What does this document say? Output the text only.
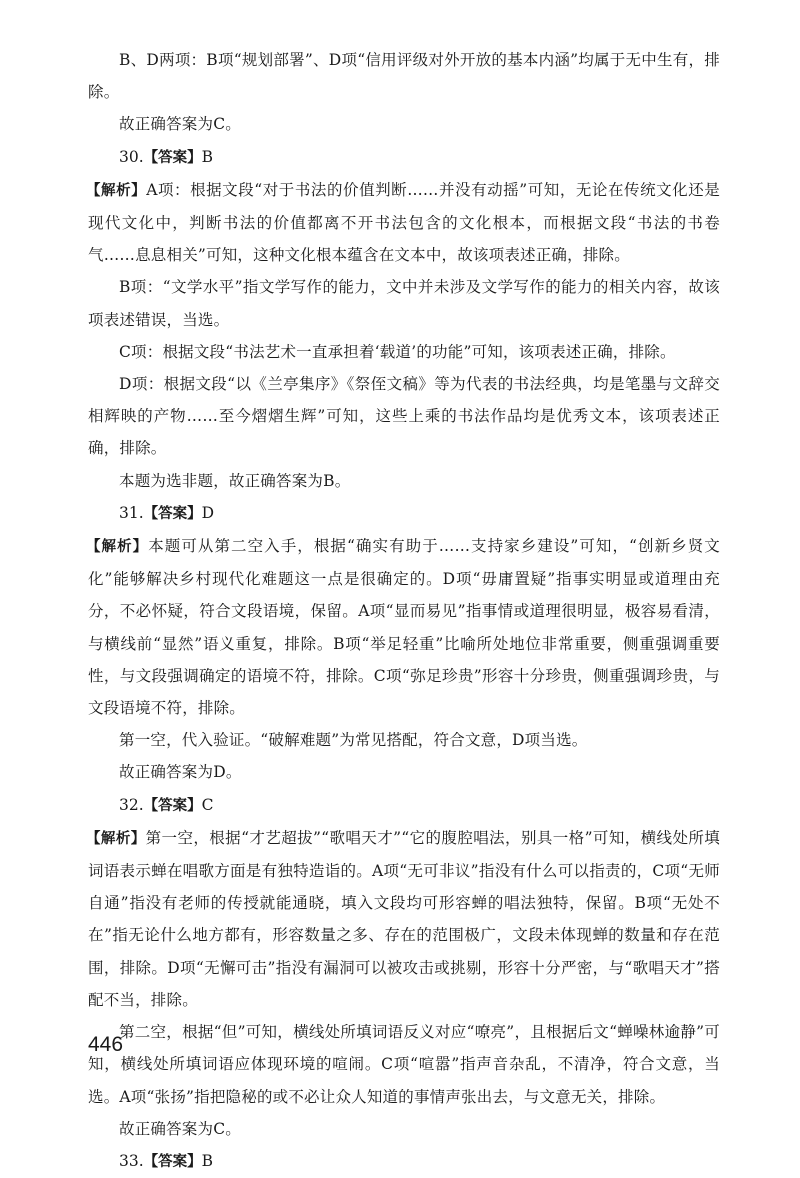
B、D两项：B项“规划部署”、D项“信用评级对外开放的基本内涵”均属于无中生有，排除。

故正确答案为C。

30.【答案】B

【解析】A项：根据文段“对于书法的价值判断……并没有动摇”可知，无论在传统文化还是现代文化中，判断书法的价值都离不开书法包含的文化根本，而根据文段“书法的书卷气……息息相关”可知，这种文化根本蕴含在文本中，故该项表述正确，排除。

B项：“文学水平”指文学写作的能力，文中并未涉及文学写作的能力的相关内容，故该项表述错误，当选。

C项：根据文段“书法艺术一直承担着‘载道’的功能”可知，该项表述正确，排除。

D项：根据文段“以《兰亭集序》《祭侄文稿》等为代表的书法经典，均是笔墨与文辞交相辉映的产物……至今熠熠生辉”可知，这些上乘的书法作品均是优秀文本，该项表述正确，排除。

本题为选非题，故正确答案为B。

31.【答案】D

【解析】本题可从第二空入手，根据“确实有助于……支持家乡建设”可知，“创新乡贤文化”能够解决乡村现代化难题这一点是很确定的。D项“毋庸置疑”指事实明显或道理由充分，不必怀疑，符合文段语境，保留。A项“显而易见”指事情或道理很明显，极容易看清，与横线前“显然”语义重复，排除。B项“举足轻重”比喻所处地位非常重要，侧重强调重要性，与文段强调确定的语境不符，排除。C项“弥足珍贵”形容十分珍贵，侧重强调珍贵，与文段语境不符，排除。

第一空，代入验证。“破解难题”为常见搭配，符合文意，D项当选。

故正确答案为D。

32.【答案】C

【解析】第一空，根据“才艺超拔”“歌唱天才”“它的腹腔唱法，别具一格”可知，横线处所填词语表示蝉在唱歌方面是有独特造诣的。A项“无可非议”指没有什么可以指责的，C项“无师自通”指没有老师的传授就能通晓，填入文段均可形容蝉的唱法独特，保留。B项“无处不在”指无论什么地方都有，形容数量之多、存在的范围极广，文段未体现蝉的数量和存在范围，排除。D项“无懈可击”指没有漏洞可以被攻击或挑剔，形容十分严密，与“歌唱天才”搭配不当，排除。

第二空，根据“但”可知，横线处所填词语反义对应“嘹亮”，且根据后文“蝉噪林逾静”可知，横线处所填词语应体现环境的喧闹。C项“喧嚣”指声音杂乱，不清净，符合文意，当选。A项“张扬”指把隐秘的或不必让众人知道的事情声张出去，与文意无关，排除。

故正确答案为C。

33.【答案】B

446
